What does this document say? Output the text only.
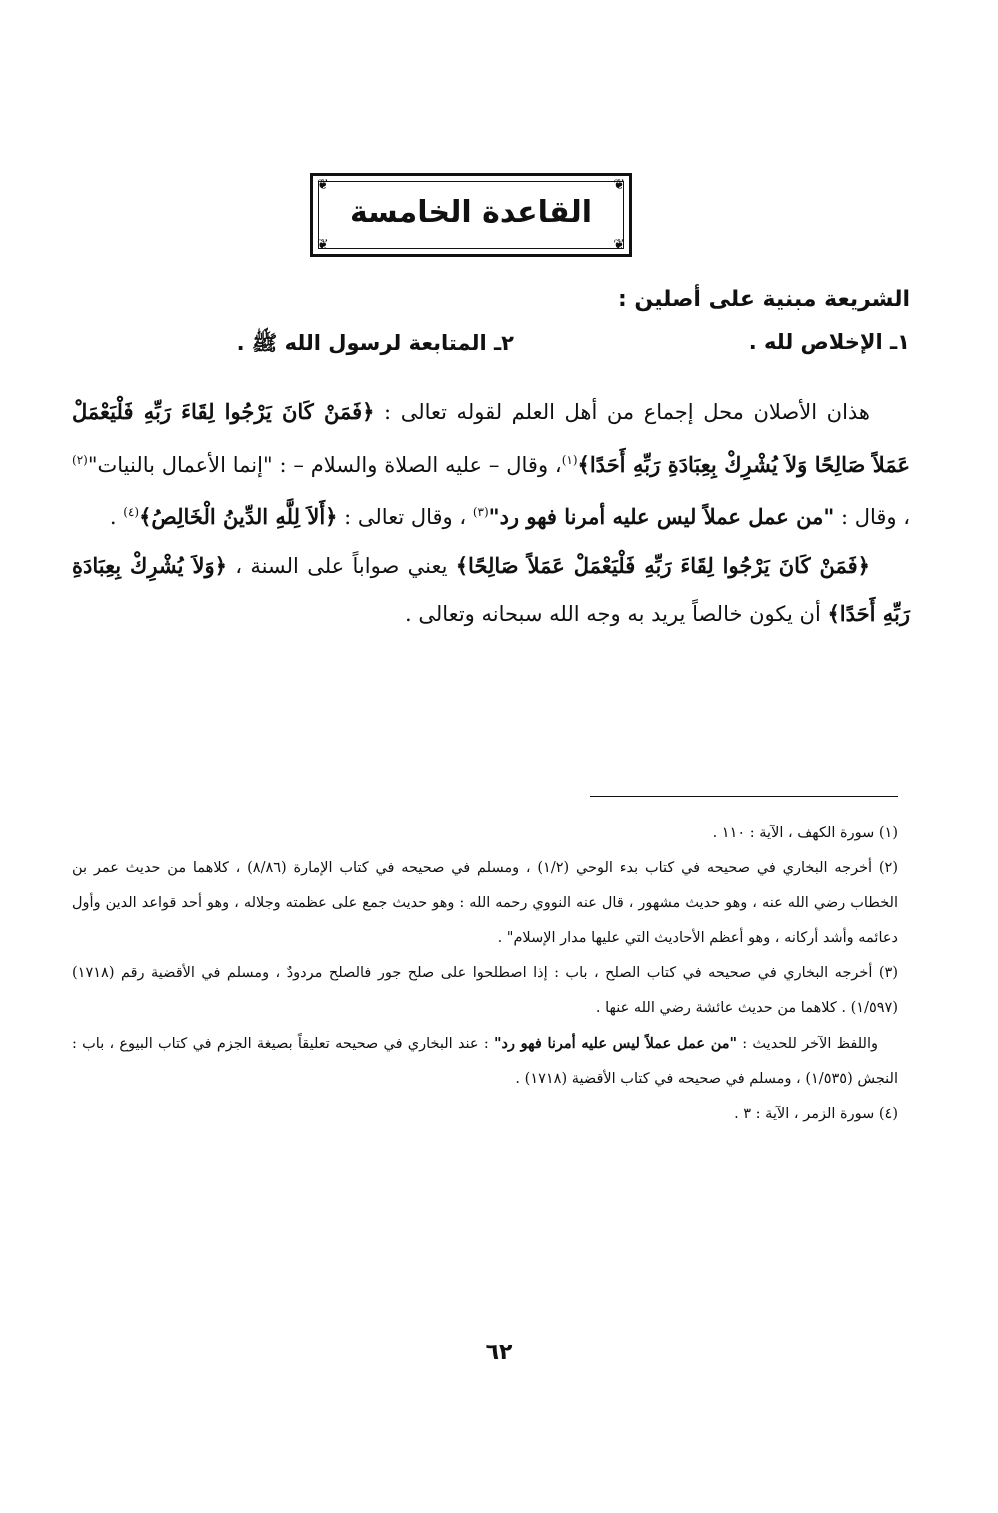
❦	❦
❦	❦
القاعدة الخامسة
الشريعة مبنية على أصلين :
١ـ الإخلاص لله .
٢ـ المتابعة لرسول الله ﷺ .

هذان الأصلان محل إجماع من أهل العلم لقوله تعالى : ﴿فَمَنْ كَانَ يَرْجُوا لِقَاءَ رَبِّهِ فَلْيَعْمَلْ عَمَلاً صَالِحًا وَلاَ يُشْرِكْ بِعِبَادَةِ رَبِّهِ أَحَدًا﴾$^{(١)}$، وقال – عليه الصلاة والسلام – : "إنما الأعمال بالنيات"$^{(٢)}$ ، وقال : "من عمل عملاً ليس عليه أمرنا فهو رد"$^{(٣)}$ ، وقال تعالى : ﴿أَلاَ لِلَّهِ الدِّينُ الْخَالِصُ﴾$^{(٤)}$ .

﴿فَمَنْ كَانَ يَرْجُوا لِقَاءَ رَبِّهِ فَلْيَعْمَلْ عَمَلاً صَالِحًا﴾ يعني صواباً على السنة ، ﴿وَلاَ يُشْرِكْ بِعِبَادَةِ رَبِّهِ أَحَدًا﴾ أن يكون خالصاً يريد به وجه الله سبحانه وتعالى .

(١) سورة الكهف ، الآية : ١١٠ .

(٢) أخرجه البخاري في صحيحه في كتاب بدء الوحي (١/٢) ، ومسلم في صحيحه في كتاب الإمارة (٨/٨٦) ، كلاهما من حديث عمر بن الخطاب رضي الله عنه ، وهو حديث مشهور ، قال عنه النووي رحمه الله : وهو حديث جمع على عظمته وجلاله ، وهو أحد قواعد الدين وأول دعائمه وأشد أركانه ، وهو أعظم الأحاديث التي عليها مدار الإسلام" .

(٣) أخرجه البخاري في صحيحه في كتاب الصلح ، باب : إذا اصطلحوا على صلح جور فالصلح مردودٌ ، ومسلم في الأقضية رقم (١٧١٨) (١/٥٩٧) . كلاهما من حديث عائشة رضي الله عنها .

واللفظ الآخر للحديث : "من عمل عملاً ليس عليه أمرنا فهو رد" : عند البخاري في صحيحه تعليقاً بصيغة الجزم في كتاب البيوع ، باب : النجش (١/٥٣٥) ، ومسلم في صحيحه في كتاب الأقضية (١٧١٨) .

(٤) سورة الزمر ، الآية : ٣ .

٦٢
